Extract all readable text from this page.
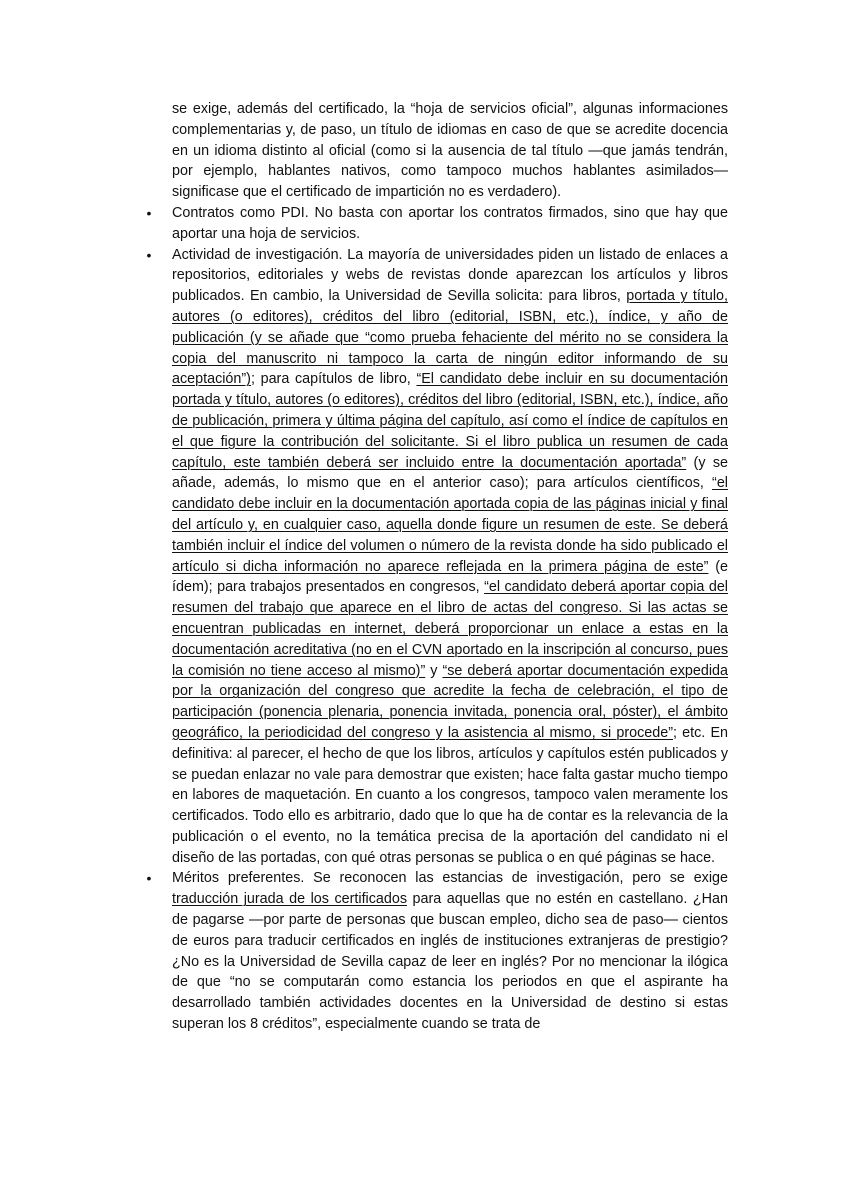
se exige, además del certificado, la “hoja de servicios oficial”, algunas informaciones complementarias y, de paso, un título de idiomas en caso de que se acredite docencia en un idioma distinto al oficial (como si la ausencia de tal título —que jamás tendrán, por ejemplo, hablantes nativos, como tampoco muchos hablantes asimilados— significase que el certificado de impartición no es verdadero).

• Contratos como PDI. No basta con aportar los contratos firmados, sino que hay que aportar una hoja de servicios.
• Actividad de investigación. La mayoría de universidades piden un listado de enlaces a repositorios, editoriales y webs de revistas donde aparezcan los artículos y libros publicados. En cambio, la Universidad de Sevilla solicita: para libros, portada y título, autores (o editores), créditos del libro (editorial, ISBN, etc.), índice, y año de publicación (y se añade que “como prueba fehaciente del mérito no se considera la copia del manuscrito ni tampoco la carta de ningún editor informando de su aceptación”); para capítulos de libro, “El candidato debe incluir en su documentación portada y título, autores (o editores), créditos del libro (editorial, ISBN, etc.), índice, año de publicación, primera y última página del capítulo, así como el índice de capítulos en el que figure la contribución del solicitante. Si el libro publica un resumen de cada capítulo, este también deberá ser incluido entre la documentación aportada” (y se añade, además, lo mismo que en el anterior caso); para artículos científicos, “el candidato debe incluir en la documentación aportada copia de las páginas inicial y final del artículo y, en cualquier caso, aquella donde figure un resumen de este. Se deberá también incluir el índice del volumen o número de la revista donde ha sido publicado el artículo si dicha información no aparece reflejada en la primera página de este” (e ídem); para trabajos presentados en congresos, “el candidato deberá aportar copia del resumen del trabajo que aparece en el libro de actas del congreso. Si las actas se encuentran publicadas en internet, deberá proporcionar un enlace a estas en la documentación acreditativa (no en el CVN aportado en la inscripción al concurso, pues la comisión no tiene acceso al mismo)” y “se deberá aportar documentación expedida por la organización del congreso que acredite la fecha de celebración, el tipo de participación (ponencia plenaria, ponencia invitada, ponencia oral, póster), el ámbito geográfico, la periodicidad del congreso y la asistencia al mismo, si procede”; etc. En definitiva: al parecer, el hecho de que los libros, artículos y capítulos estén publicados y se puedan enlazar no vale para demostrar que existen; hace falta gastar mucho tiempo en labores de maquetación. En cuanto a los congresos, tampoco valen meramente los certificados. Todo ello es arbitrario, dado que lo que ha de contar es la relevancia de la publicación o el evento, no la temática precisa de la aportación del candidato ni el diseño de las portadas, con qué otras personas se publica o en qué páginas se hace.
• Méritos preferentes. Se reconocen las estancias de investigación, pero se exige traducción jurada de los certificados para aquellas que no estén en castellano. ¿Han de pagarse —por parte de personas que buscan empleo, dicho sea de paso— cientos de euros para traducir certificados en inglés de instituciones extranjeras de prestigio? ¿No es la Universidad de Sevilla capaz de leer en inglés? Por no mencionar la ilógica de que “no se computarán como estancia los periodos en que el aspirante ha desarrollado también actividades docentes en la Universidad de destino si estas superan los 8 créditos”, especialmente cuando se trata de
